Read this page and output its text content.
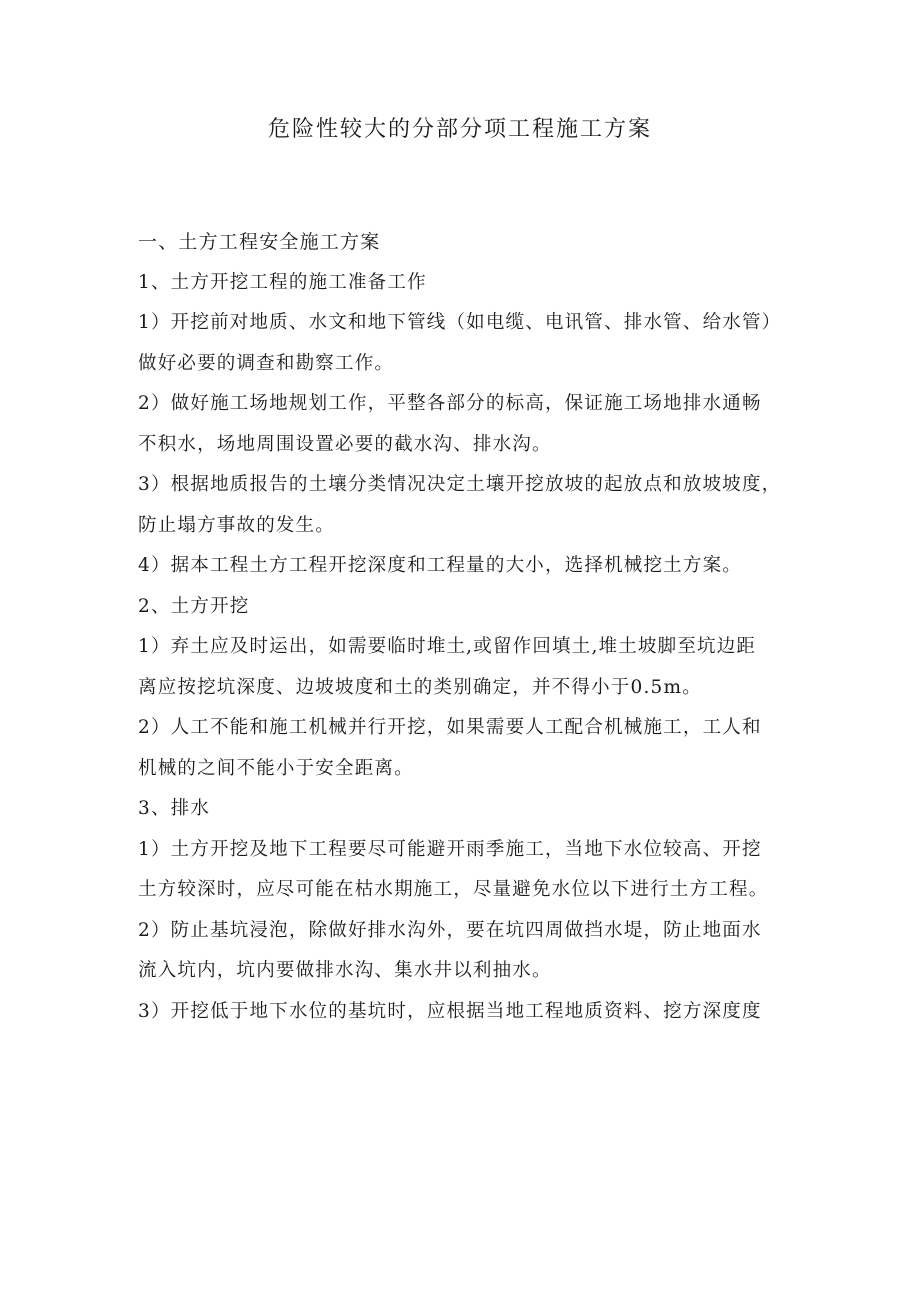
危险性较大的分部分项工程施工方案

一、土方工程安全施工方案

1、土方开挖工程的施工准备工作

1）开挖前对地质、水文和地下管线（如电缆、电讯管、排水管、给水管）

做好必要的调查和勘察工作。

2）做好施工场地规划工作，平整各部分的标高，保证施工场地排水通畅

不积水，场地周围设置必要的截水沟、排水沟。

3）根据地质报告的土壤分类情况决定土壤开挖放坡的起放点和放坡坡度，

防止塌方事故的发生。

4）据本工程土方工程开挖深度和工程量的大小，选择机械挖土方案。

2、土方开挖

1）弃土应及时运出，如需要临时堆土,或留作回填土,堆土坡脚至坑边距

离应按挖坑深度、边坡坡度和土的类别确定，并不得小于0.5m。

2）人工不能和施工机械并行开挖，如果需要人工配合机械施工，工人和

机械的之间不能小于安全距离。

3、排水

1）土方开挖及地下工程要尽可能避开雨季施工，当地下水位较高、开挖

土方较深时，应尽可能在枯水期施工，尽量避免水位以下进行土方工程。

2）防止基坑浸泡，除做好排水沟外，要在坑四周做挡水堤，防止地面水

流入坑内，坑内要做排水沟、集水井以利抽水。

3）开挖低于地下水位的基坑时，应根据当地工程地质资料、挖方深度度
